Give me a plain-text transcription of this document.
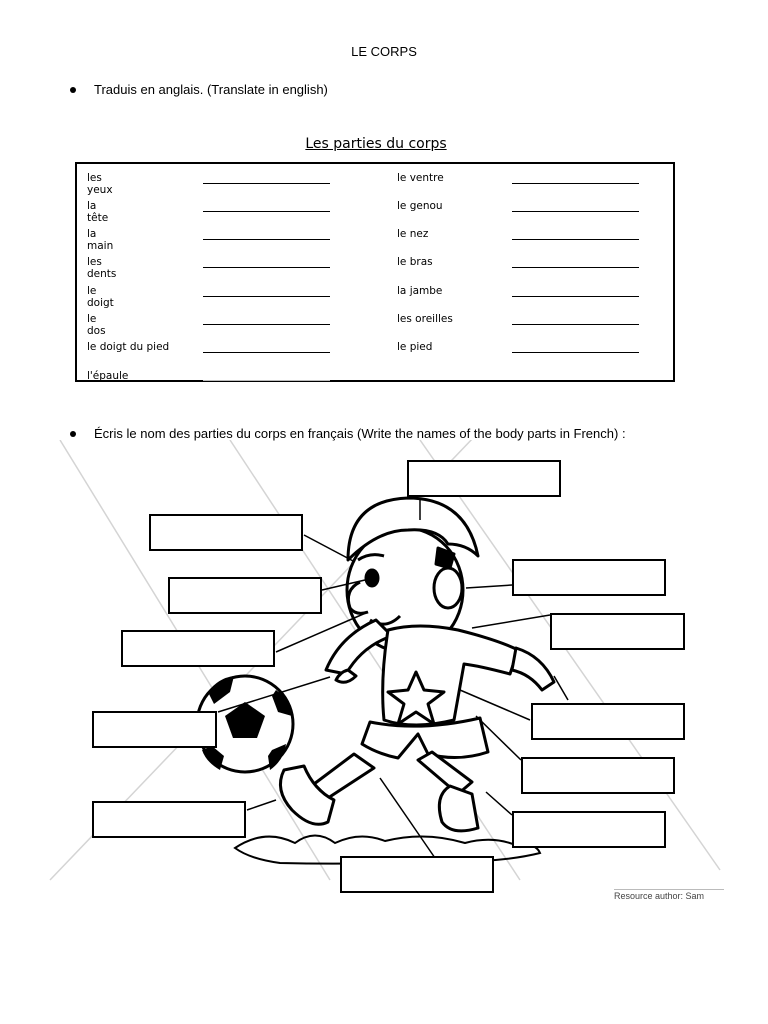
LE CORPS
Traduis en anglais. (Translate in english)
Les parties du corps
les yeux
la tête
la main
les dents
le doigt
le dos
le doigt du pied
l'épaule
le ventre
le genou
le nez
le bras
la jambe
les oreilles
le pied
Écris le nom des parties du corps en français (Write the names of the body parts in French) :
Resource author: Sam
